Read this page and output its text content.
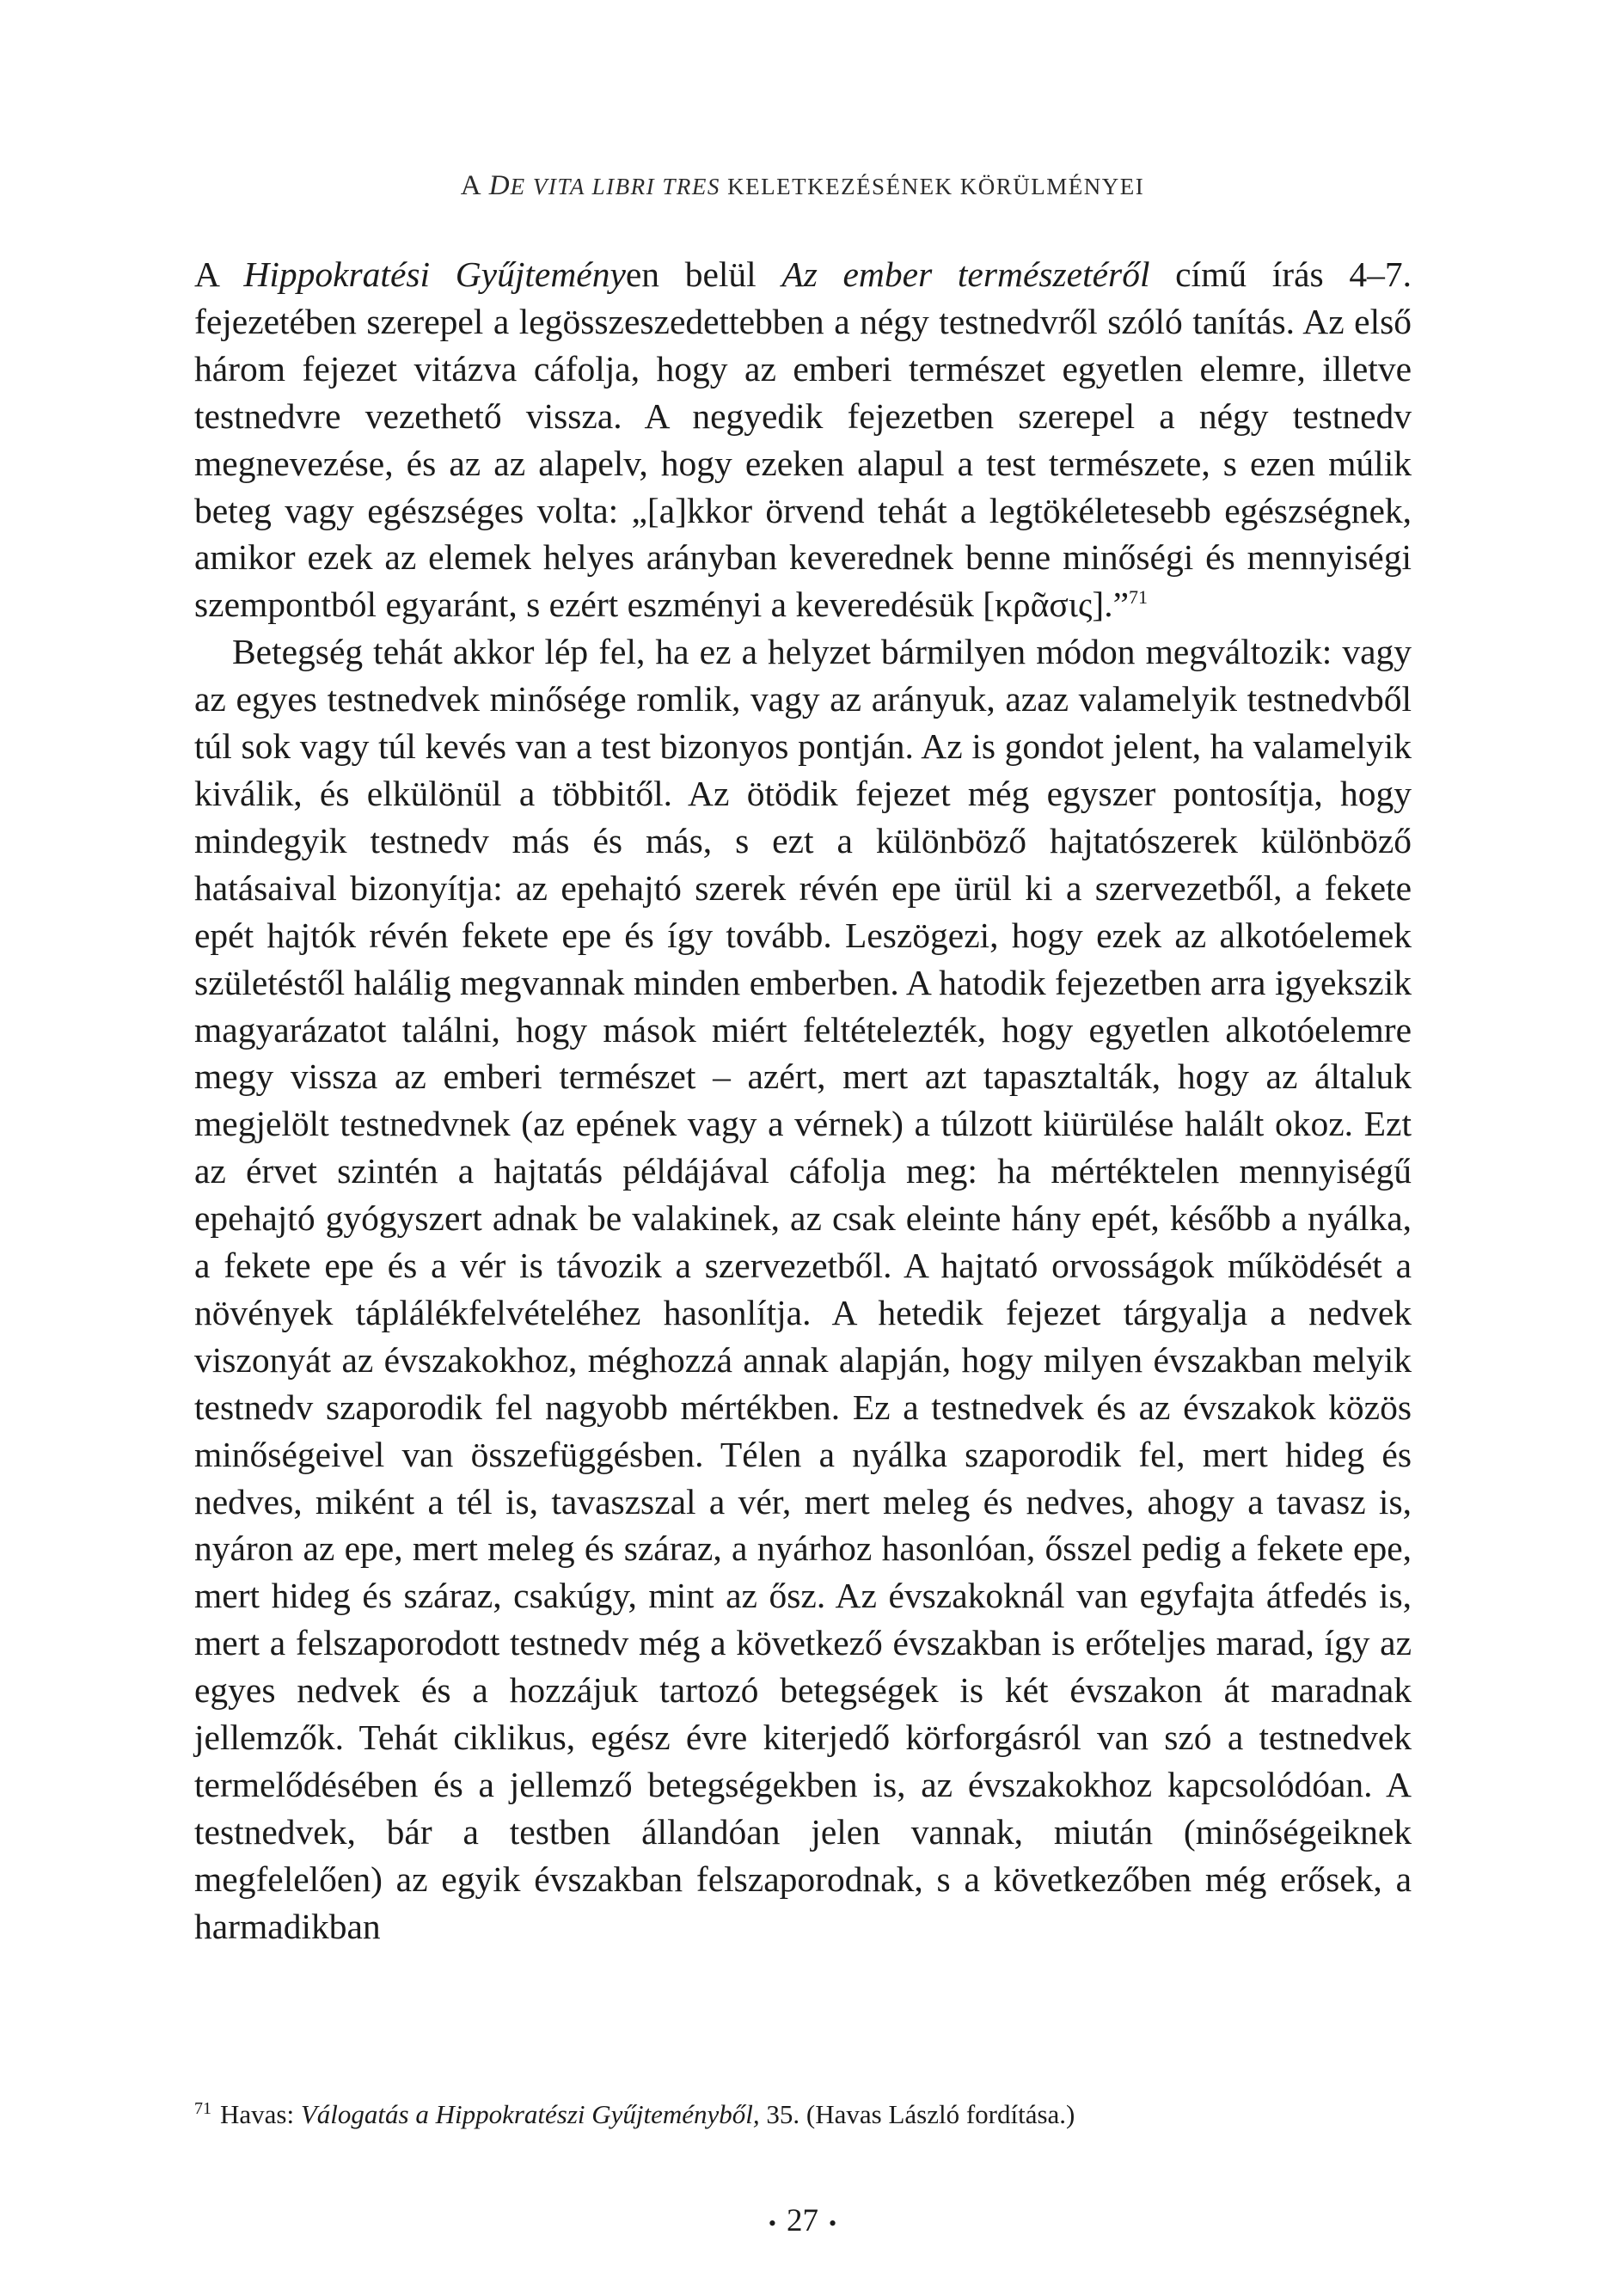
A DE VITA LIBRI TRES KELETKEZÉSÉNEK KÖRÜLMÉNYEI

A Hippokratési Gyűjteményen belül Az ember természetéről című írás 4–7. fejezetében szerepel a legösszeszedettebben a négy testnedvről szóló tanítás. Az első három fejezet vitázva cáfolja, hogy az emberi természet egyetlen elemre, illetve testnedvre vezethető vissza. A negyedik fejezetben szerepel a négy testnedv megnevezése, és az az alapelv, hogy ezeken alapul a test természete, s ezen múlik beteg vagy egészséges volta: „[a]kkor örvend tehát a legtökéletesebb egészségnek, amikor ezek az elemek helyes arányban keverednek benne minőségi és mennyiségi szempontból egyaránt, s ezért eszményi a keveredésük [κρᾶσις].”$^{71}$

Betegség tehát akkor lép fel, ha ez a helyzet bármilyen módon megváltozik: vagy az egyes testnedvek minősége romlik, vagy az arányuk, azaz valamelyik testnedvből túl sok vagy túl kevés van a test bizonyos pontján. Az is gondot jelent, ha valamelyik kiválik, és elkülönül a többitől. Az ötödik fejezet még egyszer pontosítja, hogy mindegyik testnedv más és más, s ezt a különböző hajtatószerek különböző hatásaival bizonyítja: az epehajtó szerek révén epe ürül ki a szervezetből, a fekete epét hajtók révén fekete epe és így tovább. Leszögezi, hogy ezek az alkotóelemek születéstől halálig megvannak minden emberben. A hatodik fejezetben arra igyekszik magyarázatot találni, hogy mások miért feltételezték, hogy egyetlen alkotóelemre megy vissza az emberi természet – azért, mert azt tapasztalták, hogy az általuk megjelölt testnedvnek (az epének vagy a vérnek) a túlzott kiürülése halált okoz. Ezt az érvet szintén a hajtatás példájával cáfolja meg: ha mértéktelen mennyiségű epehajtó gyógyszert adnak be valakinek, az csak eleinte hány epét, később a nyálka, a fekete epe és a vér is távozik a szervezetből. A hajtató orvosságok működését a növények táplálékfelvételéhez hasonlítja. A hetedik fejezet tárgyalja a nedvek viszonyát az évszakokhoz, méghozzá annak alapján, hogy milyen évszakban melyik testnedv szaporodik fel nagyobb mértékben. Ez a testnedvek és az évszakok közös minőségeivel van összefüggésben. Télen a nyálka szaporodik fel, mert hideg és nedves, miként a tél is, tavaszszal a vér, mert meleg és nedves, ahogy a tavasz is, nyáron az epe, mert meleg és száraz, a nyárhoz hasonlóan, ősszel pedig a fekete epe, mert hideg és száraz, csakúgy, mint az ősz. Az évszakoknál van egyfajta átfedés is, mert a felszaporodott testnedv még a következő évszakban is erőteljes marad, így az egyes nedvek és a hozzájuk tartozó betegségek is két évszakon át maradnak jellemzők. Tehát ciklikus, egész évre kiterjedő körforgásról van szó a testnedvek termelődésében és a jellemző betegségekben is, az évszakokhoz kapcsolódóan. A testnedvek, bár a testben állandóan jelen vannak, miután (minőségeiknek megfelelően) az egyik évszakban felszaporodnak, s a következőben még erősek, a harmadikban

$^{71}$ Havas: Válogatás a Hippokratészi Gyűjteményből, 35. (Havas László fordítása.)
• 27 •
